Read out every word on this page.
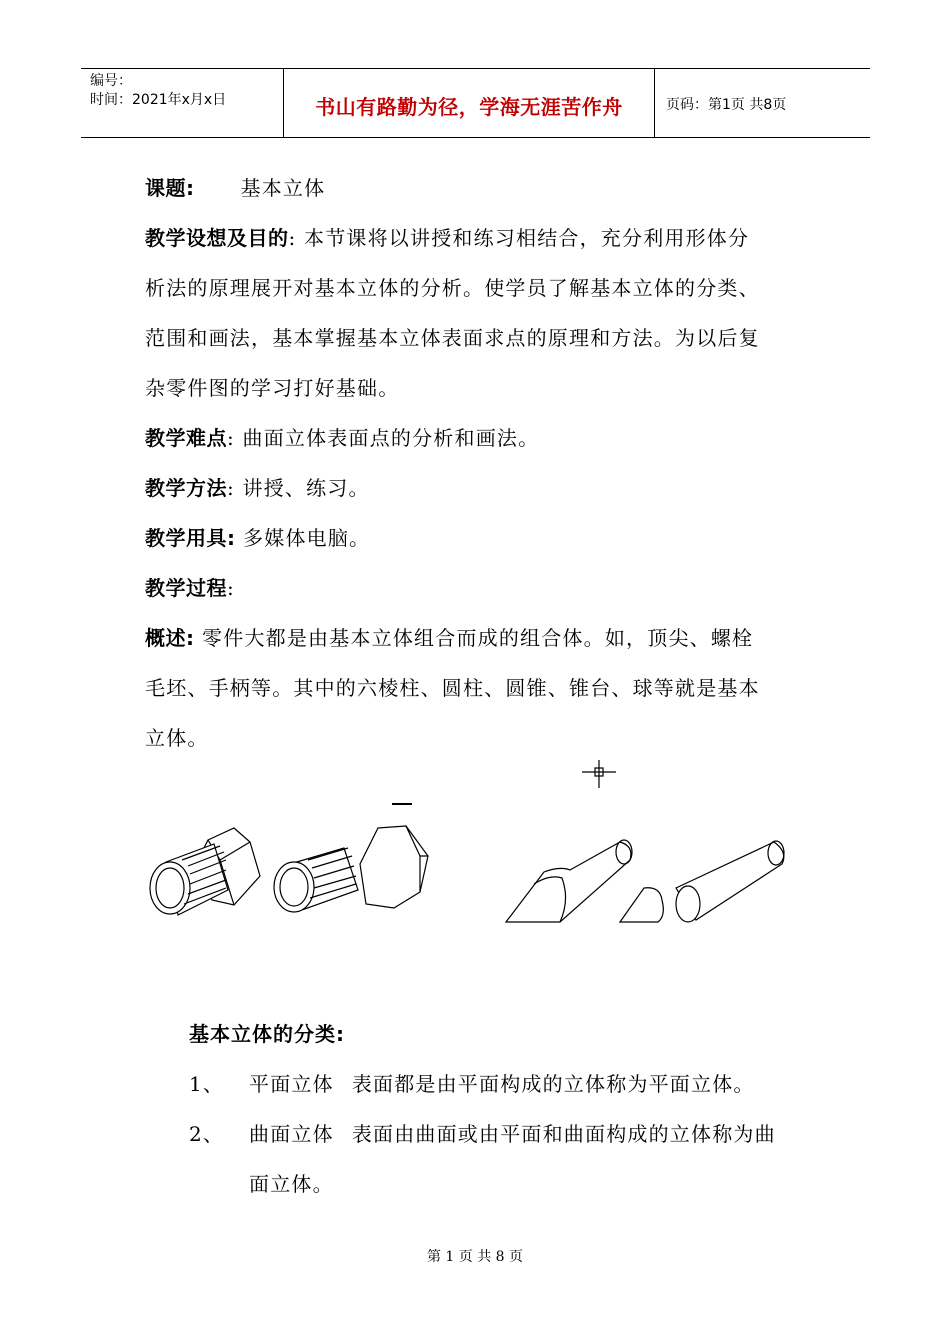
编号：
时间：2021年x月x日	书山有路勤为径，学海无涯苦作舟	页码：第1页 共8页
课题: 基本立体
教学设想及目的: 本节课将以讲授和练习相结合，充分利用形体分
析法的原理展开对基本立体的分析。使学员了解基本立体的分类、
范围和画法，基本掌握基本立体表面求点的原理和方法。为以后复
杂零件图的学习打好基础。
教学难点: 曲面立体表面点的分析和画法。
教学方法: 讲授、练习。
教学用具: 多媒体电脑。
教学过程:
概述: 零件大都是由基本立体组合而成的组合体。如，顶尖、螺栓
毛坯、手柄等。其中的六棱柱、圆柱、圆锥、锥台、球等就是基本
立体。
基本立体的分类:
1、 平面立体 表面都是由平面构成的立体称为平面立体。
2、 曲面立体 表面由曲面或由平面和曲面构成的立体称为曲
面立体。
第 1 页 共 8 页
